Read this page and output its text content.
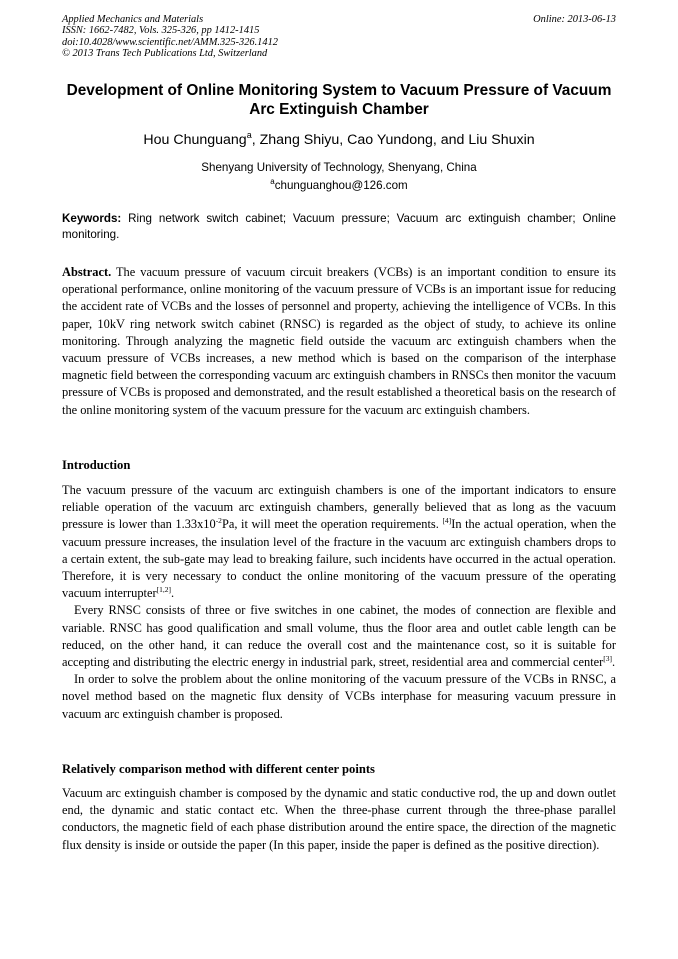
Applied Mechanics and Materials
ISSN: 1662-7482, Vols. 325-326, pp 1412-1415
doi:10.4028/www.scientific.net/AMM.325-326.1412
© 2013 Trans Tech Publications Ltd, Switzerland
Online: 2013-06-13
Development of Online Monitoring System to Vacuum Pressure of Vacuum Arc Extinguish Chamber
Hou Chunguang$^a$, Zhang Shiyu, Cao Yundong, and Liu Shuxin
Shenyang University of Technology, Shenyang, China
$^a$chunguanghou@126.com
Keywords: Ring network switch cabinet; Vacuum pressure; Vacuum arc extinguish chamber; Online monitoring.

Abstract. The vacuum pressure of vacuum circuit breakers (VCBs) is an important condition to ensure its operational performance, online monitoring of the vacuum pressure of VCBs is an important issue for reducing the accident rate of VCBs and the losses of personnel and property, achieving the intelligence of VCBs. In this paper, 10kV ring network switch cabinet (RNSC) is regarded as the object of study, to achieve its online monitoring. Through analyzing the magnetic field outside the vacuum arc extinguish chambers when the vacuum pressure of VCBs increases, a new method which is based on the comparison of the interphase magnetic field between the corresponding vacuum arc extinguish chambers in RNSCs then monitor the vacuum pressure of VCBs is proposed and demonstrated, and the result established a theoretical basis on the research of the online monitoring system of the vacuum pressure for the vacuum arc extinguish chambers.

Introduction

The vacuum pressure of the vacuum arc extinguish chambers is one of the important indicators to ensure reliable operation of the vacuum arc extinguish chambers, generally believed that as long as the vacuum pressure is lower than $1.33x10^{-2}Pa$, it will meet the operation requirements. [4]In the actual operation, when the vacuum pressure increases, the insulation level of the fracture in the vacuum arc extinguish chambers drops to a certain extent, the sub-gate may lead to breaking failure, such incidents have occurred in the actual operation. Therefore, it is very necessary to conduct the online monitoring of the vacuum pressure of the operating vacuum interrupter[1,2].

Every RNSC consists of three or five switches in one cabinet, the modes of connection are flexible and variable. RNSC has good qualification and small volume, thus the floor area and outlet cable length can be reduced, on the other hand, it can reduce the overall cost and the maintenance cost, so it is suitable for accepting and distributing the electric energy in industrial park, street, residential area and commercial center[3].

In order to solve the problem about the online monitoring of the vacuum pressure of the VCBs in RNSC, a novel method based on the magnetic flux density of VCBs interphase for measuring vacuum pressure in vacuum arc extinguish chamber is proposed.

Relatively comparison method with different center points

Vacuum arc extinguish chamber is composed by the dynamic and static conductive rod, the up and down outlet end, the dynamic and static contact etc. When the three-phase current through the three-phase parallel conductors, the magnetic field of each phase distribution around the entire space, the direction of the magnetic flux density is inside or outside the paper (In this paper, inside the paper is defined as the positive direction).
